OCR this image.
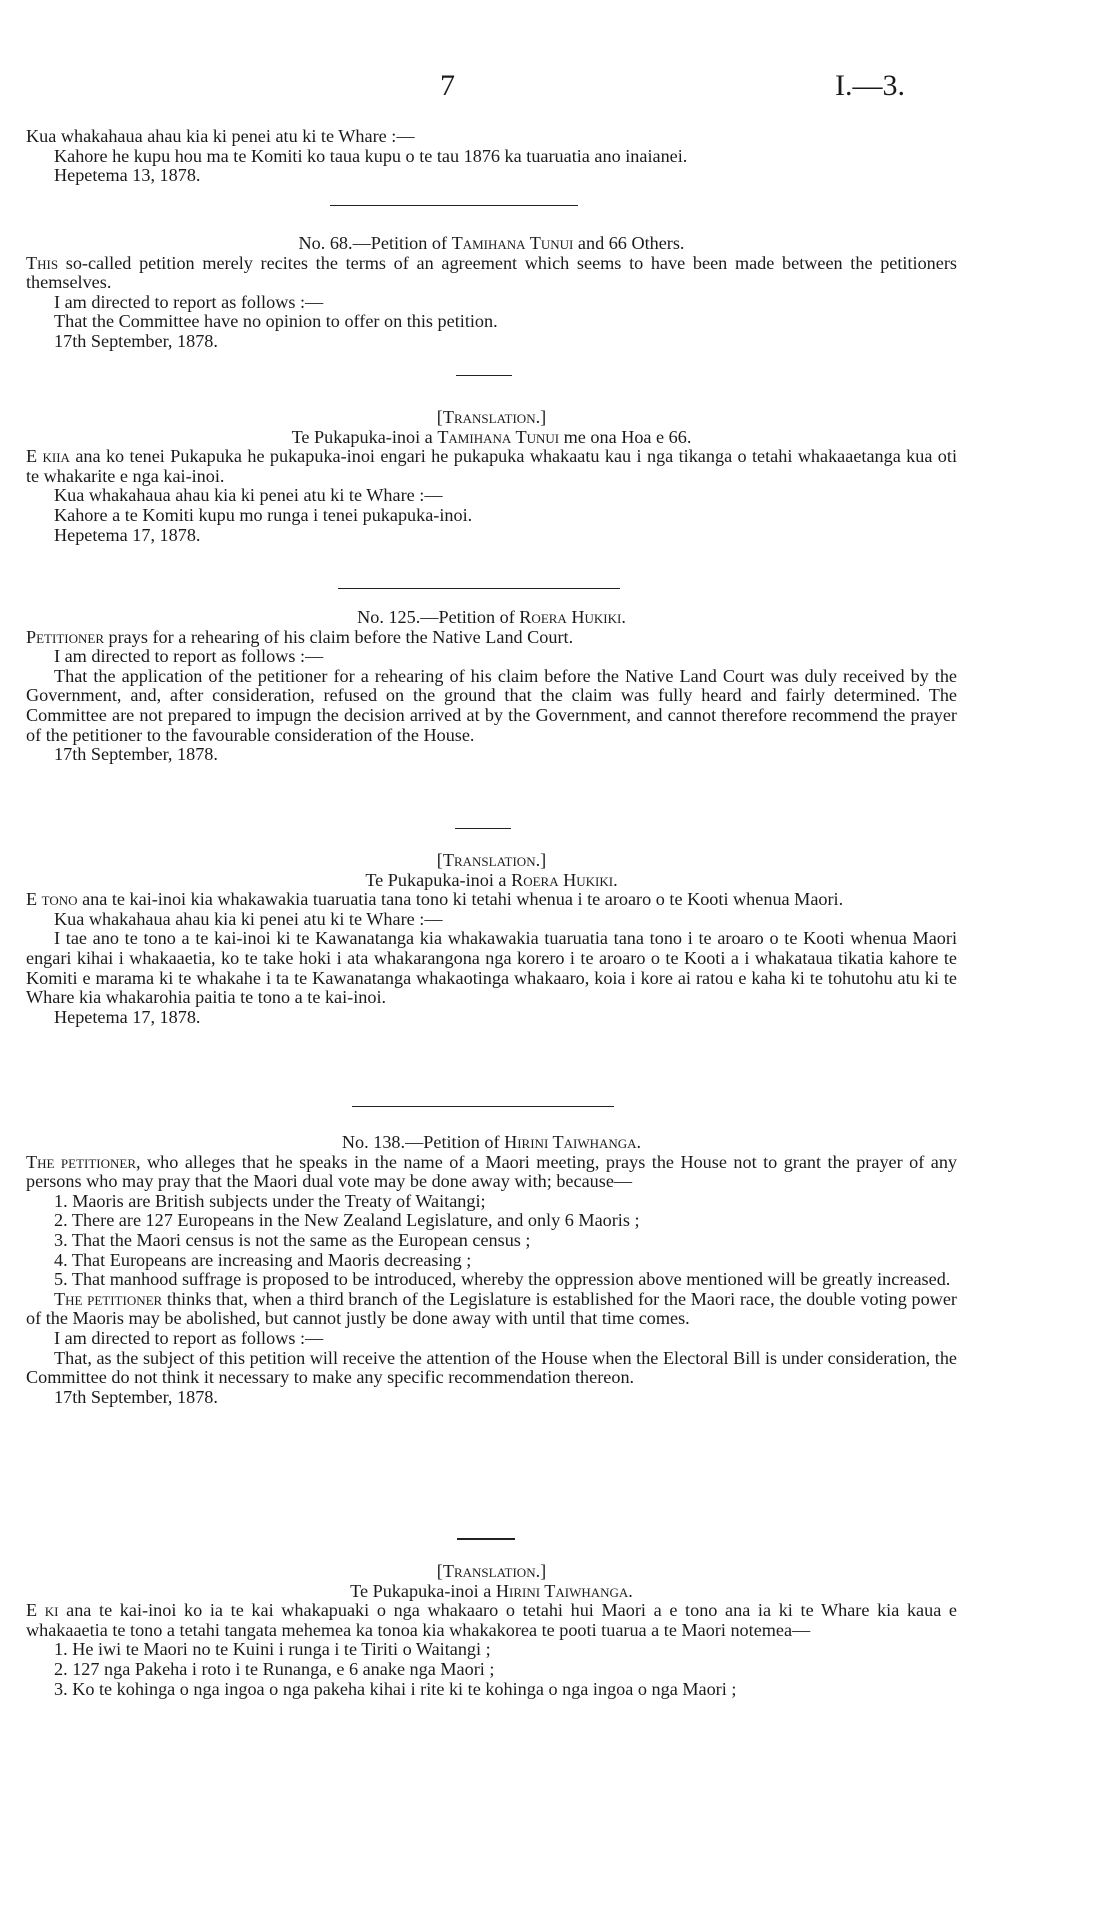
7	I.—3.

Kua whakahaua ahau kia ki penei atu ki te Whare :—

Kahore he kupu hou ma te Komiti ko taua kupu o te tau 1876 ka tuaruatia ano inaianei.

Hepetema 13, 1878.

No. 68.—Petition of Tamihana Tunui and 66 Others.

This so-called petition merely recites the terms of an agreement which seems to have been made between the petitioners themselves.

I am directed to report as follows :—

That the Committee have no opinion to offer on this petition.

17th September, 1878.

[Translation.]

Te Pukapuka-inoi a Tamihana Tunui me ona Hoa e 66.

E kiia ana ko tenei Pukapuka he pukapuka-inoi engari he pukapuka whakaatu kau i nga tikanga o tetahi whakaaetanga kua oti te whakarite e nga kai-inoi.

Kua whakahaua ahau kia ki penei atu ki te Whare :—

Kahore a te Komiti kupu mo runga i tenei pukapuka-inoi.

Hepetema 17, 1878.

No. 125.—Petition of Roera Hukiki.

Petitioner prays for a rehearing of his claim before the Native Land Court.

I am directed to report as follows :—

That the application of the petitioner for a rehearing of his claim before the Native Land Court was duly received by the Government, and, after consideration, refused on the ground that the claim was fully heard and fairly determined. The Committee are not prepared to impugn the decision arrived at by the Government, and cannot therefore recommend the prayer of the petitioner to the favourable consideration of the House.

17th September, 1878.

[Translation.]

Te Pukapuka-inoi a Roera Hukiki.

E tono ana te kai-inoi kia whakawakia tuaruatia tana tono ki tetahi whenua i te aroaro o te Kooti whenua Maori.

Kua whakahaua ahau kia ki penei atu ki te Whare :—

I tae ano te tono a te kai-inoi ki te Kawanatanga kia whakawakia tuaruatia tana tono i te aroaro o te Kooti whenua Maori engari kihai i whakaaetia, ko te take hoki i ata whakarangona nga korero i te aroaro o te Kooti a i whakataua tikatia kahore te Komiti e marama ki te whakahe i ta te Kawanatanga whakaotinga whakaaro, koia i kore ai ratou e kaha ki te tohutohu atu ki te Whare kia whakarohia paitia te tono a te kai-inoi.

Hepetema 17, 1878.

No. 138.—Petition of Hirini Taiwhanga.

The petitioner, who alleges that he speaks in the name of a Maori meeting, prays the House not to grant the prayer of any persons who may pray that the Maori dual vote may be done away with; because—

1. Maoris are British subjects under the Treaty of Waitangi;

2. There are 127 Europeans in the New Zealand Legislature, and only 6 Maoris ;

3. That the Maori census is not the same as the European census ;

4. That Europeans are increasing and Maoris decreasing ;

5. That manhood suffrage is proposed to be introduced, whereby the oppression above mentioned will be greatly increased.

The petitioner thinks that, when a third branch of the Legislature is established for the Maori race, the double voting power of the Maoris may be abolished, but cannot justly be done away with until that time comes.

I am directed to report as follows :—

That, as the subject of this petition will receive the attention of the House when the Electoral Bill is under consideration, the Committee do not think it necessary to make any specific recommendation thereon.

17th September, 1878.

[Translation.]

Te Pukapuka-inoi a Hirini Taiwhanga.

E ki ana te kai-inoi ko ia te kai whakapuaki o nga whakaaro o tetahi hui Maori a e tono ana ia ki te Whare kia kaua e whakaaetia te tono a tetahi tangata mehemea ka tonoa kia whakakorea te pooti tuarua a te Maori notemea—

1. He iwi te Maori no te Kuini i runga i te Tiriti o Waitangi ;

2. 127 nga Pakeha i roto i te Runanga, e 6 anake nga Maori ;

3. Ko te kohinga o nga ingoa o nga pakeha kihai i rite ki te kohinga o nga ingoa o nga Maori ;
